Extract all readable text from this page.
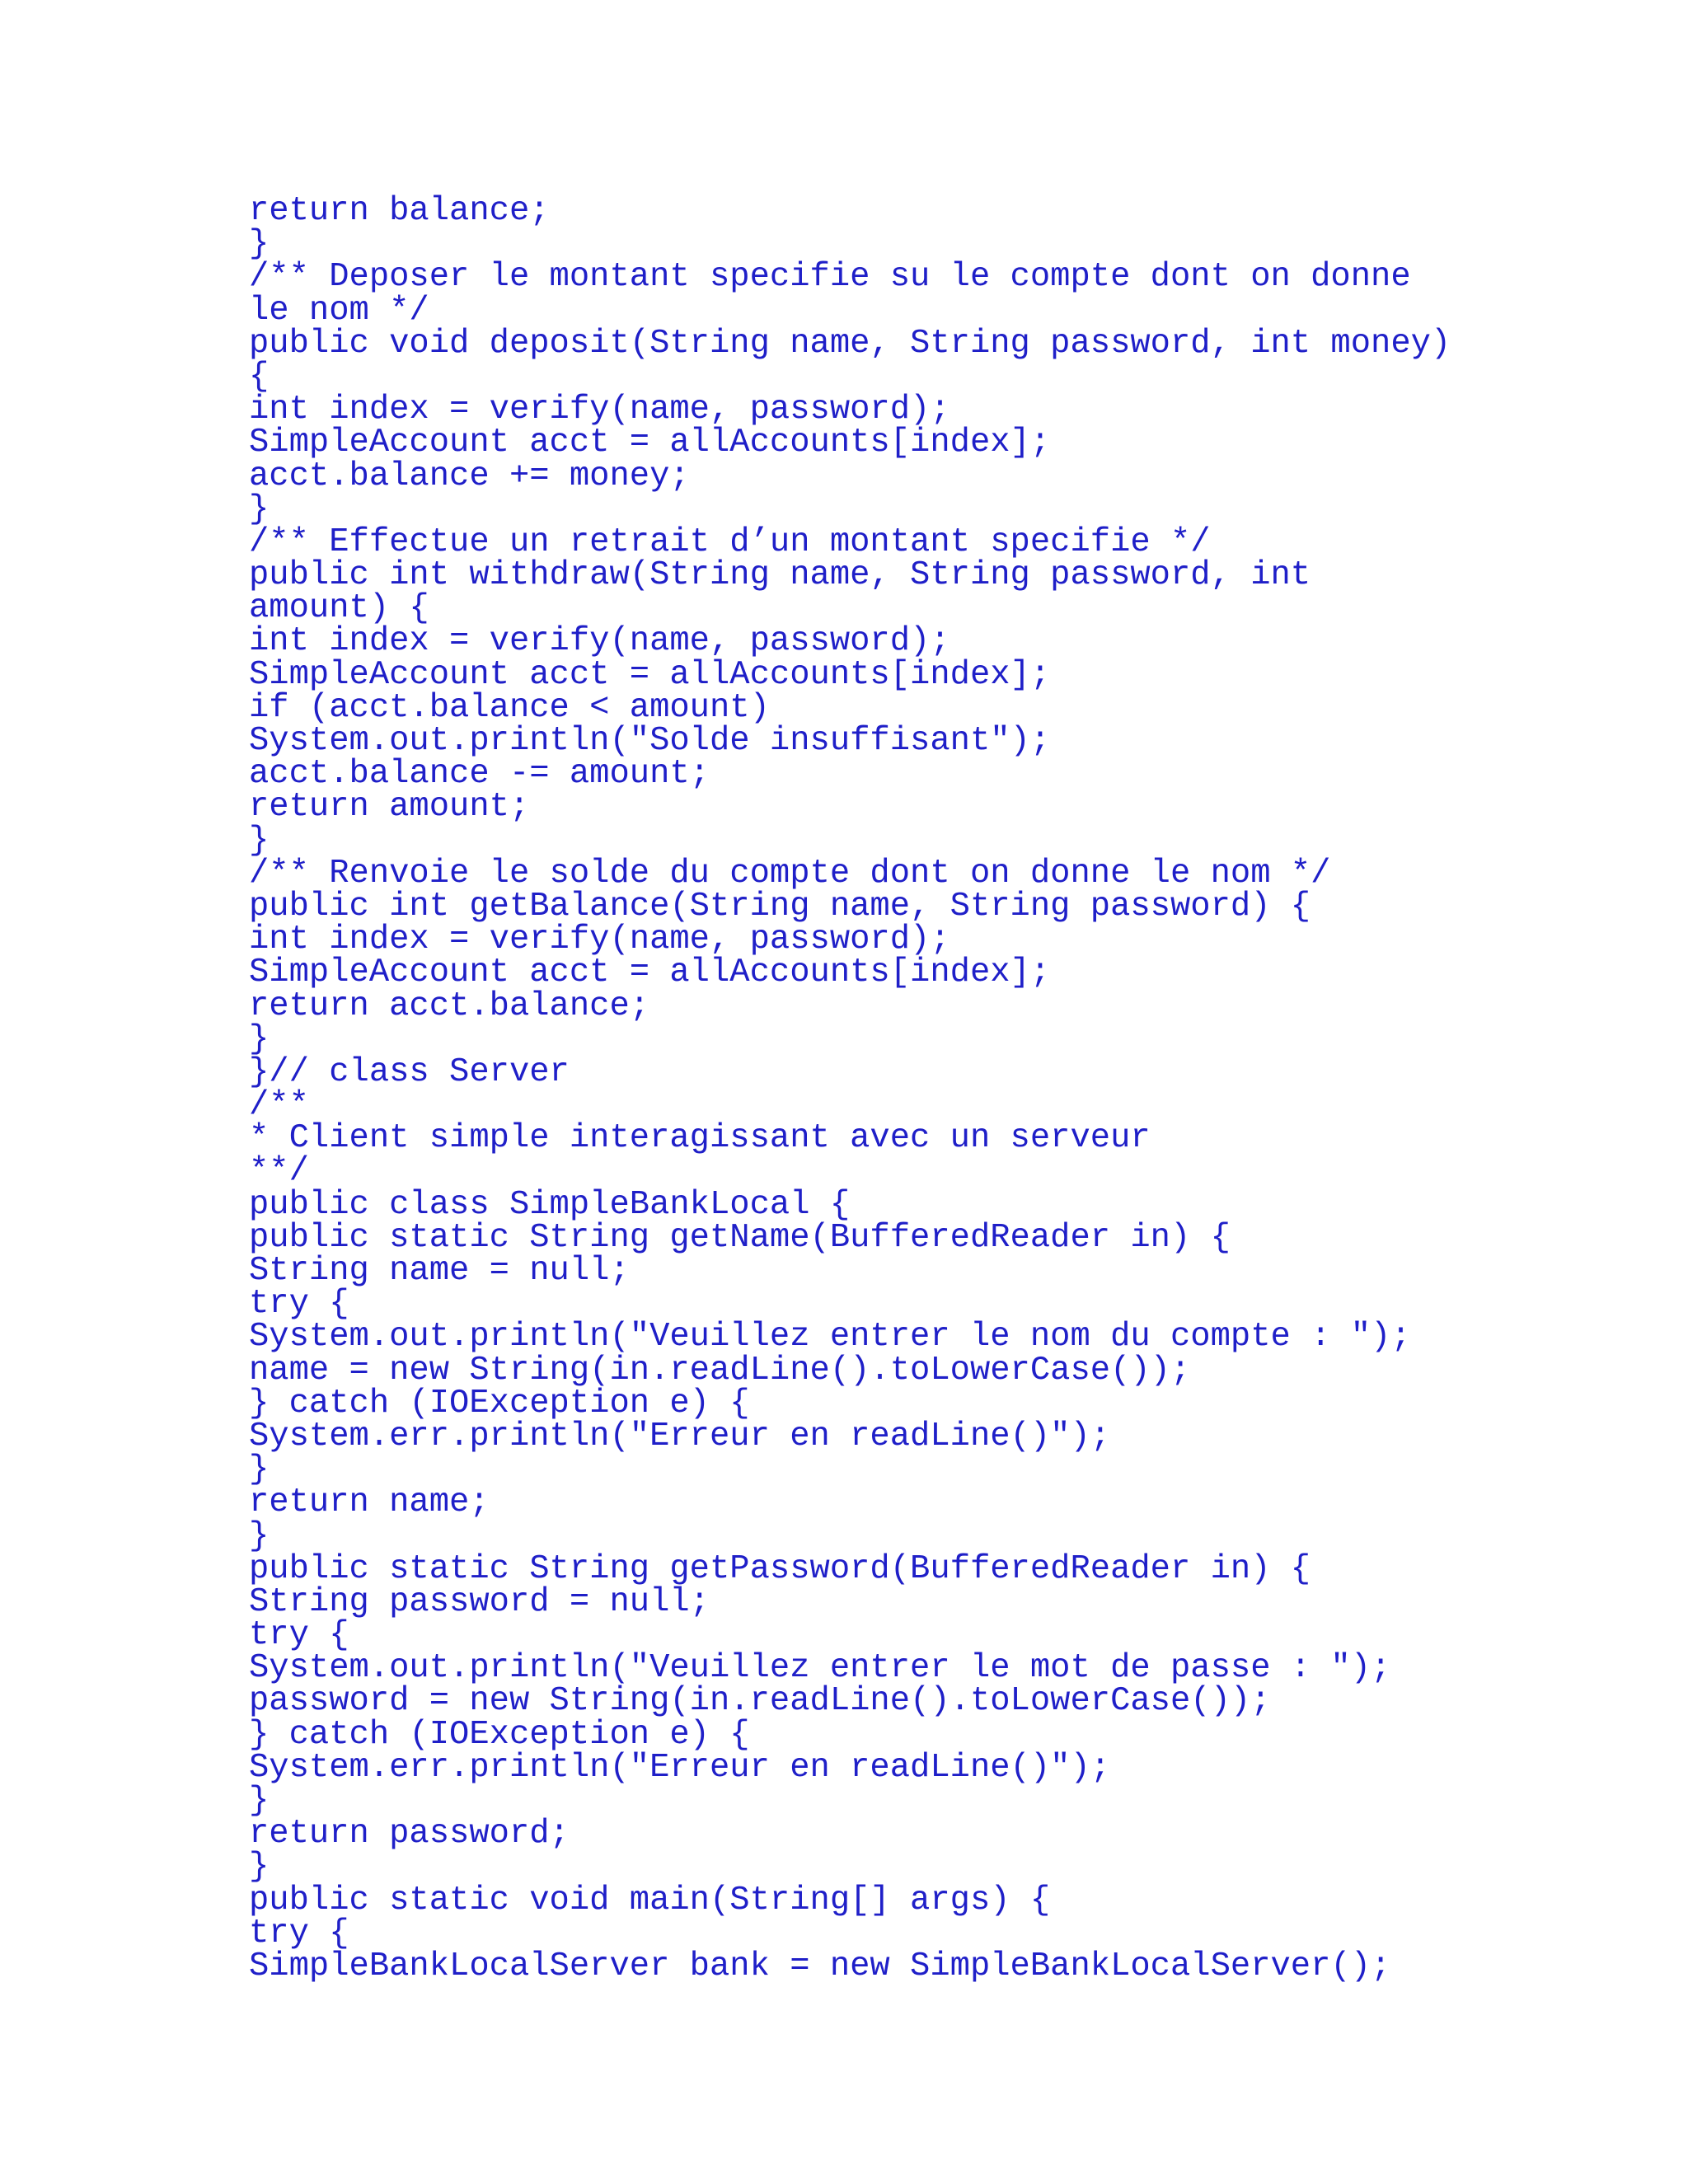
return balance;
}
/** Deposer le montant specifie su le compte dont on donne
le nom */
public void deposit(String name, String password, int money)
{
int index = verify(name, password);
SimpleAccount acct = allAccounts[index];
acct.balance += money;
}
/** Effectue un retrait d’un montant specifie */
public int withdraw(String name, String password, int
amount) {
int index = verify(name, password);
SimpleAccount acct = allAccounts[index];
if (acct.balance < amount)
System.out.println("Solde insuffisant");
acct.balance -= amount;
return amount;
}
/** Renvoie le solde du compte dont on donne le nom */
public int getBalance(String name, String password) {
int index = verify(name, password);
SimpleAccount acct = allAccounts[index];
return acct.balance;
}
}// class Server
/**
* Client simple interagissant avec un serveur
**/
public class SimpleBankLocal {
public static String getName(BufferedReader in) {
String name = null;
try {
System.out.println("Veuillez entrer le nom du compte : ");
name = new String(in.readLine().toLowerCase());
} catch (IOException e) {
System.err.println("Erreur en readLine()");
}
return name;
}
public static String getPassword(BufferedReader in) {
String password = null;
try {
System.out.println("Veuillez entrer le mot de passe : ");
password = new String(in.readLine().toLowerCase());
} catch (IOException e) {
System.err.println("Erreur en readLine()");
}
return password;
}
public static void main(String[] args) {
try {
SimpleBankLocalServer bank = new SimpleBankLocalServer();
